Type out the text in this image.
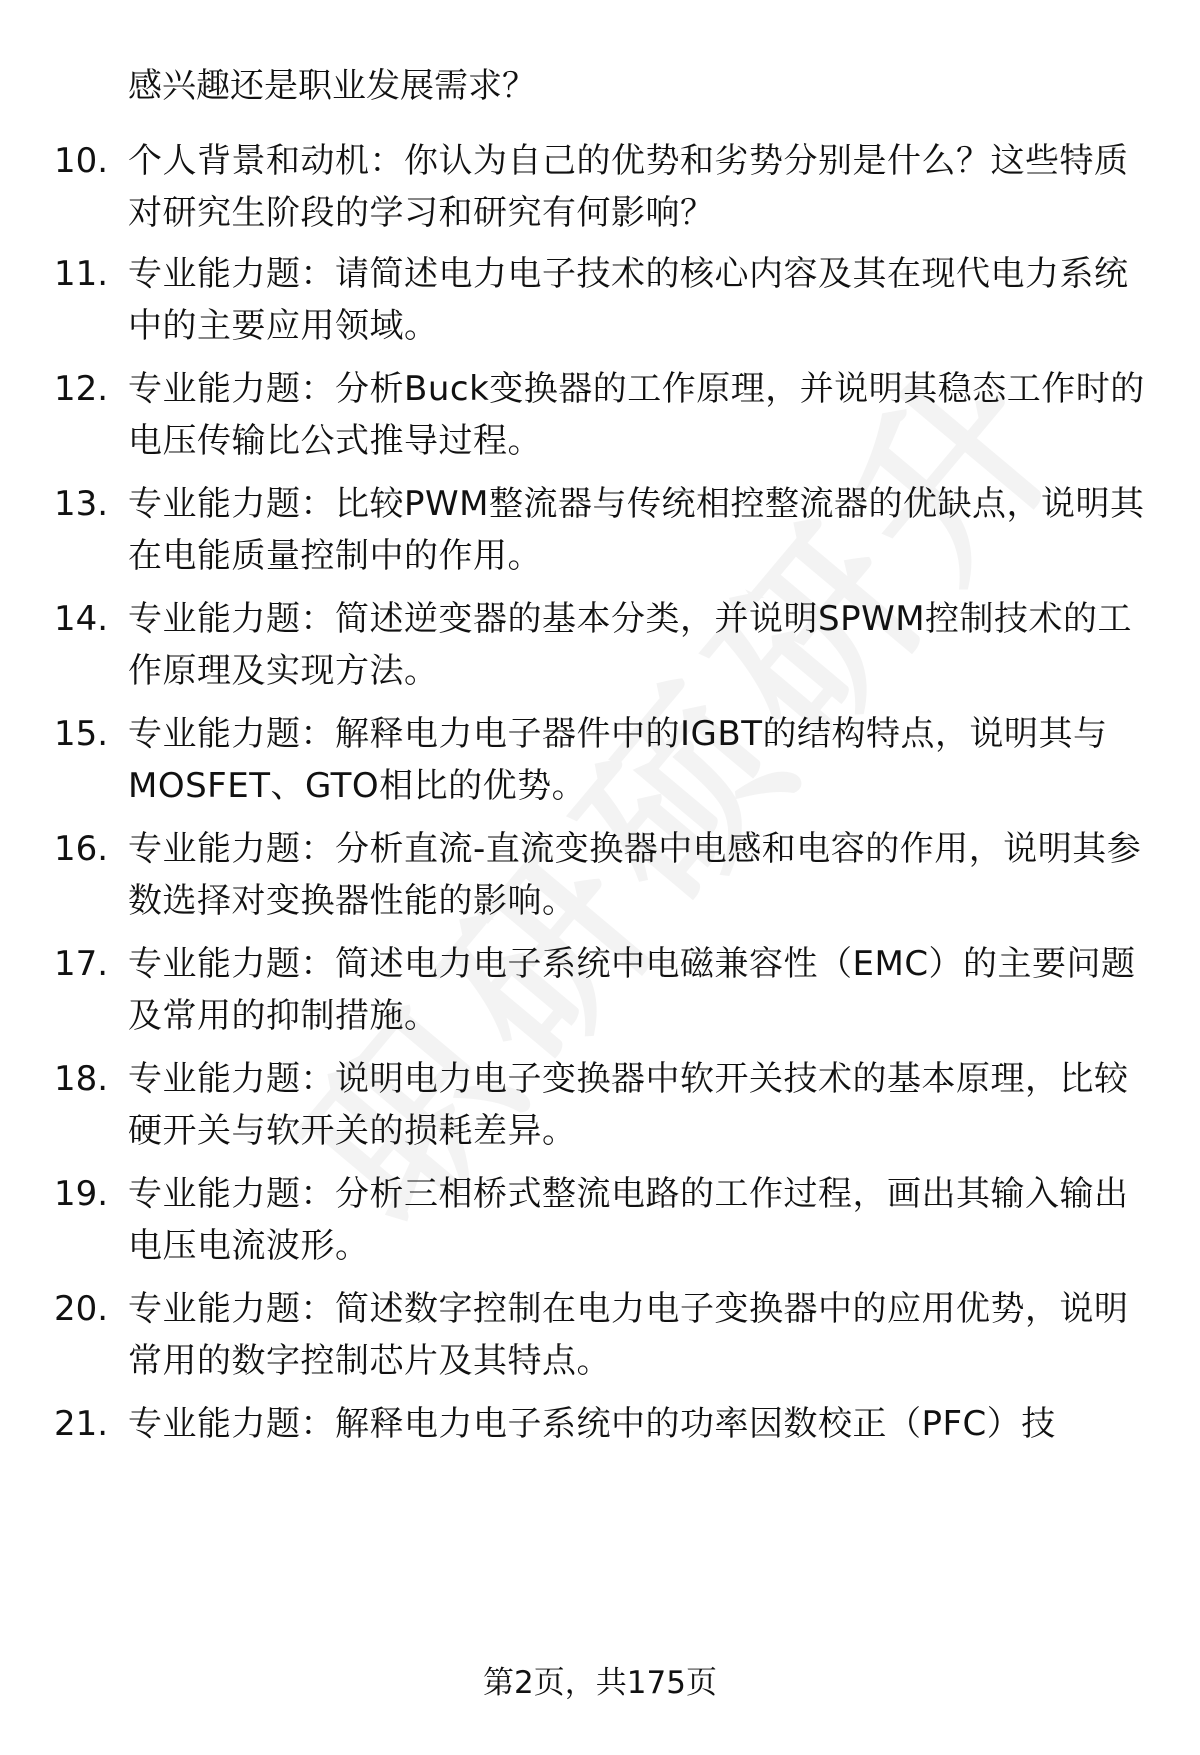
感兴趣还是职业发展需求？
10. 个人背景和动机：你认为自己的优势和劣势分别是什么？这些特质对研究生阶段的学习和研究有何影响？
11. 专业能力题：请简述电力电子技术的核心内容及其在现代电力系统中的主要应用领域。
12. 专业能力题：分析Buck变换器的工作原理，并说明其稳态工作时的电压传输比公式推导过程。
13. 专业能力题：比较PWM整流器与传统相控整流器的优缺点，说明其在电能质量控制中的作用。
14. 专业能力题：简述逆变器的基本分类，并说明SPWM控制技术的工作原理及实现方法。
15. 专业能力题：解释电力电子器件中的IGBT的结构特点，说明其与MOSFET、GTO相比的优势。
16. 专业能力题：分析直流-直流变换器中电感和电容的作用，说明其参数选择对变换器性能的影响。
17. 专业能力题：简述电力电子系统中电磁兼容性（EMC）的主要问题及常用的抑制措施。
18. 专业能力题：说明电力电子变换器中软开关技术的基本原理，比较硬开关与软开关的损耗差异。
19. 专业能力题：分析三相桥式整流电路的工作过程，画出其输入输出电压电流波形。
20. 专业能力题：简述数字控制在电力电子变换器中的应用优势，说明常用的数字控制芯片及其特点。
21. 专业能力题：解释电力电子系统中的功率因数校正（PFC）技
第2页，共175页
